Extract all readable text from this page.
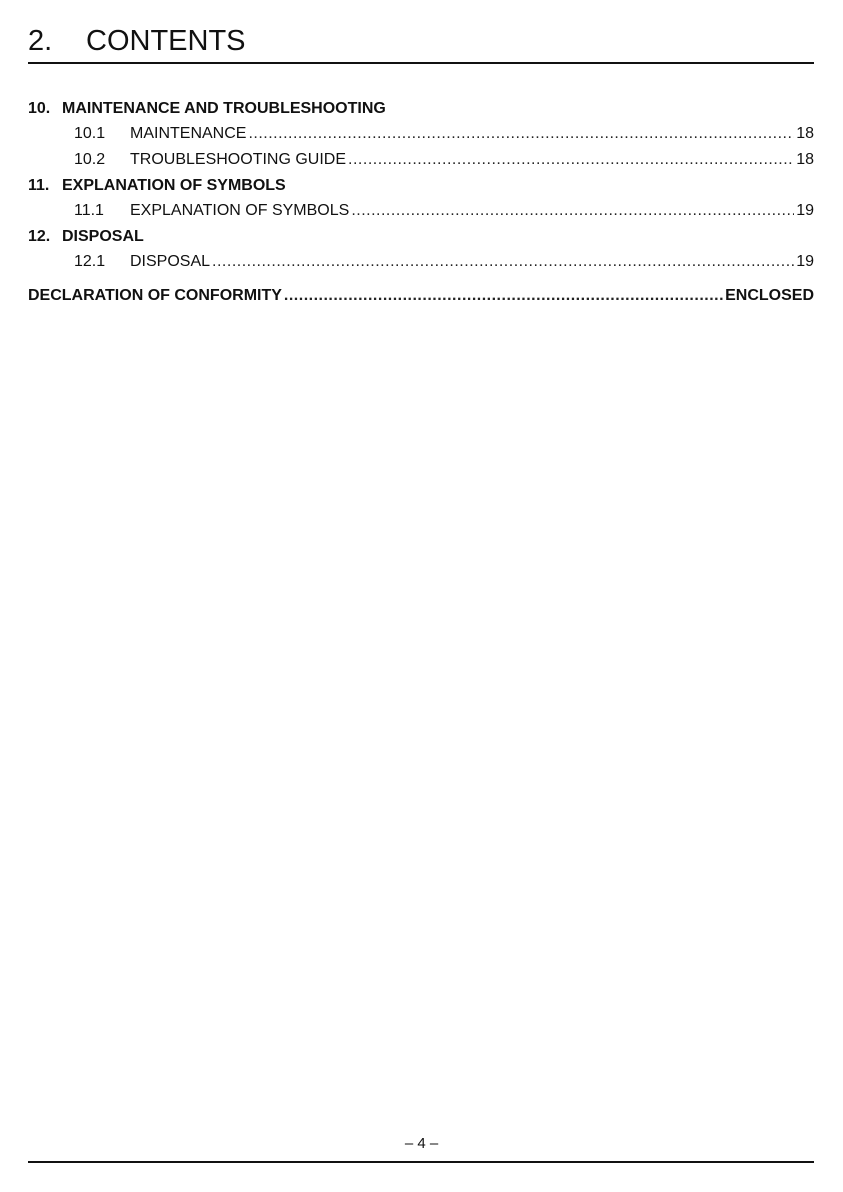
2. CONTENTS
10. MAINTENANCE AND TROUBLESHOOTING
10.1	MAINTENANCE .....	18
10.2	TROUBLESHOOTING GUIDE .....	18
11. EXPLANATION OF SYMBOLS
11.1	EXPLANATION OF SYMBOLS .....	19
12. DISPOSAL
12.1	DISPOSAL .....	19
DECLARATION OF CONFORMITY .....	ENCLOSED
– 4 –
